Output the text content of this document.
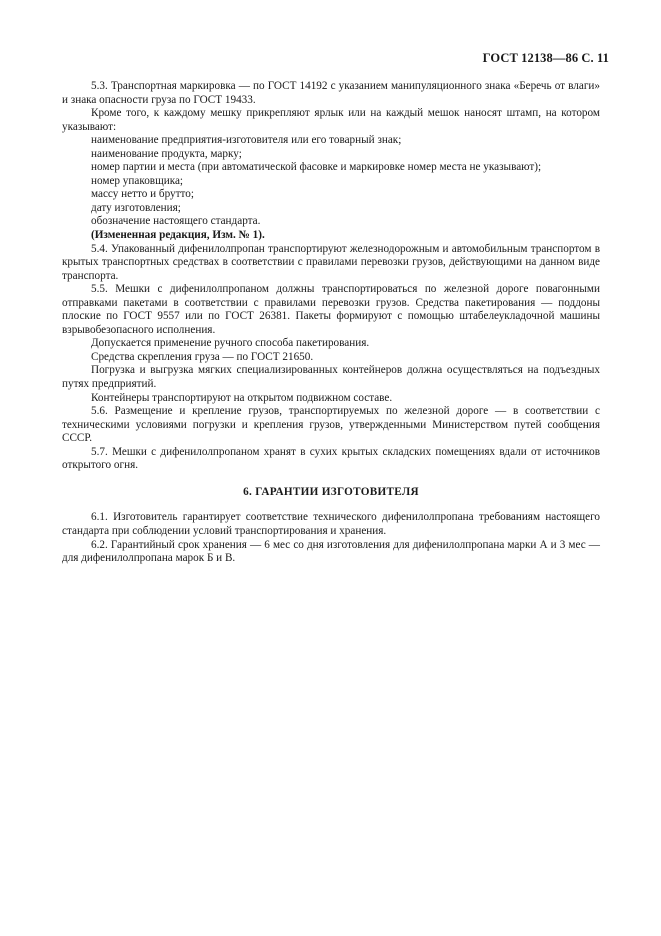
ГОСТ 12138—86 С. 11

5.3. Транспортная маркировка — по ГОСТ 14192 с указанием манипуляционного знака «Беречь от влаги» и знака опасности груза по ГОСТ 19433.

Кроме того, к каждому мешку прикрепляют ярлык или на каждый мешок наносят штамп, на котором указывают:

наименование предприятия-изготовителя или его товарный знак;

наименование продукта, марку;

номер партии и места (при автоматической фасовке и маркировке номер места не указывают);

номер упаковщика;

массу нетто и брутто;

дату изготовления;

обозначение настоящего стандарта.

(Измененная редакция, Изм. № 1).

5.4. Упакованный дифенилолпропан транспортируют железнодорожным и автомобильным транспортом в крытых транспортных средствах в соответствии с правилами перевозки грузов, действующими на данном виде транспорта.

5.5. Мешки с дифенилолпропаном должны транспортироваться по железной дороге повагонными отправками пакетами в соответствии с правилами перевозки грузов. Средства пакетирования — поддоны плоские по ГОСТ 9557 или по ГОСТ 26381. Пакеты формируют с помощью штабелеукладочной машины взрывобезопасного исполнения.

Допускается применение ручного способа пакетирования.

Средства скрепления груза — по ГОСТ 21650.

Погрузка и выгрузка мягких специализированных контейнеров должна осуществляться на подъездных путях предприятий.

Контейнеры транспортируют на открытом подвижном составе.

5.6. Размещение и крепление грузов, транспортируемых по железной дороге — в соответствии с техническими условиями погрузки и крепления грузов, утвержденными Министерством путей сообщения СССР.

5.7. Мешки с дифенилолпропаном хранят в сухих крытых складских помещениях вдали от источников открытого огня.

6. ГАРАНТИИ ИЗГОТОВИТЕЛЯ

6.1. Изготовитель гарантирует соответствие технического дифенилолпропана требованиям настоящего стандарта при соблюдении условий транспортирования и хранения.

6.2. Гарантийный срок хранения — 6 мес со дня изготовления для дифенилолпропана марки А и 3 мес — для дифенилолпропана марок Б и В.
